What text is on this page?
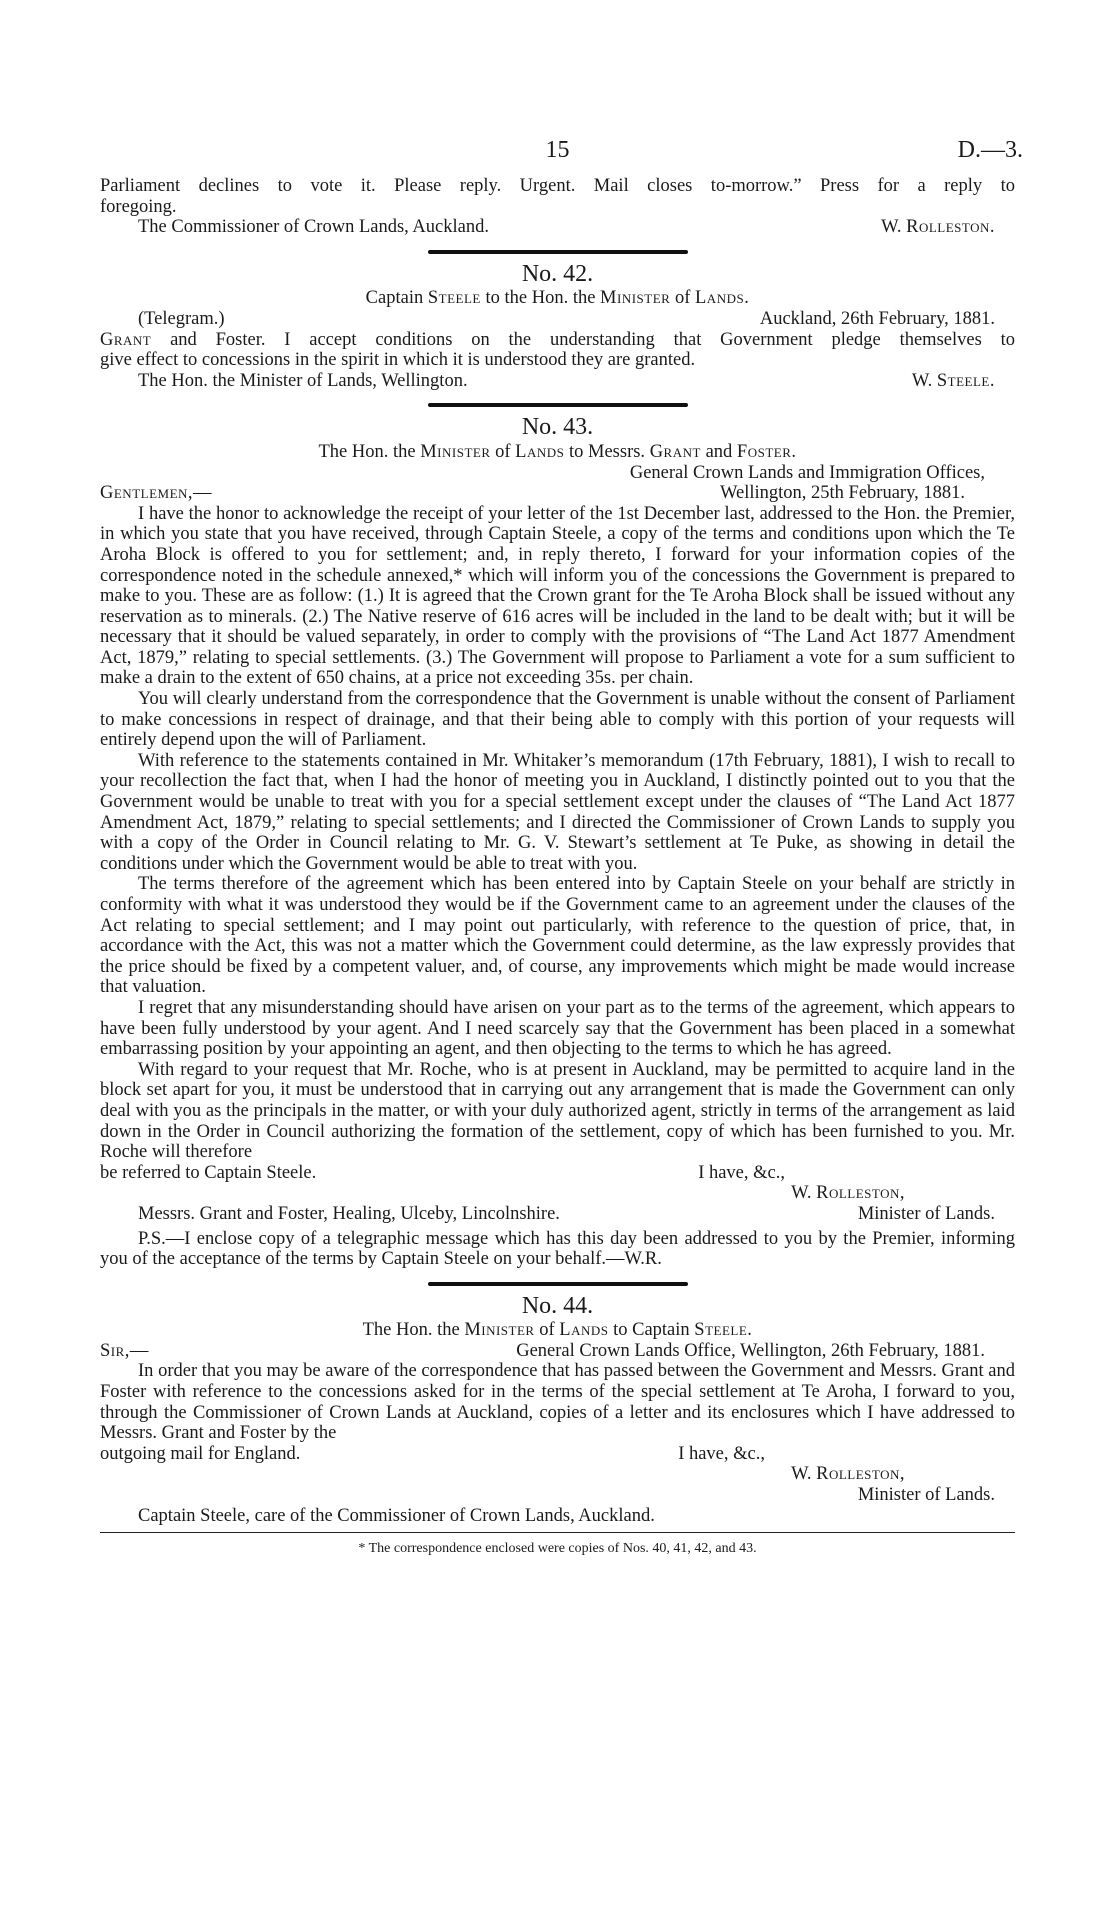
15	D.—3.

Parliament declines to vote it. Please reply. Urgent. Mail closes to-morrow.” Press for a reply to

foregoing.

The Commissioner of Crown Lands, Auckland.	W. Rolleston.
No. 42.
Captain Steele to the Hon. the Minister of Lands.
(Telegram.)	Auckland, 26th February, 1881.

Grant and Foster. I accept conditions on the understanding that Government pledge themselves to

give effect to concessions in the spirit in which it is understood they are granted.

The Hon. the Minister of Lands, Wellington.	W. Steele.
No. 43.
The Hon. the Minister of Lands to Messrs. Grant and Foster.
General Crown Lands and Immigration Offices,
Gentlemen,—	Wellington, 25th February, 1881.

I have the honor to acknowledge the receipt of your letter of the 1st December last, addressed to the Hon. the Premier, in which you state that you have received, through Captain Steele, a copy of the terms and conditions upon which the Te Aroha Block is offered to you for settlement; and, in reply thereto, I forward for your information copies of the correspondence noted in the schedule annexed,* which will inform you of the concessions the Government is prepared to make to you. These are as follow: (1.) It is agreed that the Crown grant for the Te Aroha Block shall be issued without any reservation as to minerals. (2.) The Native reserve of 616 acres will be included in the land to be dealt with; but it will be necessary that it should be valued separately, in order to comply with the provisions of “The Land Act 1877 Amendment Act, 1879,” relating to special settlements. (3.) The Government will propose to Parliament a vote for a sum sufficient to make a drain to the extent of 650 chains, at a price not exceeding 35s. per chain.

You will clearly understand from the correspondence that the Government is unable without the consent of Parliament to make concessions in respect of drainage, and that their being able to comply with this portion of your requests will entirely depend upon the will of Parliament.

With reference to the statements contained in Mr. Whitaker’s memorandum (17th February, 1881), I wish to recall to your recollection the fact that, when I had the honor of meeting you in Auckland, I distinctly pointed out to you that the Government would be unable to treat with you for a special settlement except under the clauses of “The Land Act 1877 Amendment Act, 1879,” relating to special settlements; and I directed the Commissioner of Crown Lands to supply you with a copy of the Order in Council relating to Mr. G. V. Stewart’s settlement at Te Puke, as showing in detail the conditions under which the Government would be able to treat with you.

The terms therefore of the agreement which has been entered into by Captain Steele on your behalf are strictly in conformity with what it was understood they would be if the Government came to an agreement under the clauses of the Act relating to special settlement; and I may point out particularly, with reference to the question of price, that, in accordance with the Act, this was not a matter which the Government could determine, as the law expressly provides that the price should be fixed by a competent valuer, and, of course, any improvements which might be made would increase that valuation.

I regret that any misunderstanding should have arisen on your part as to the terms of the agreement, which appears to have been fully understood by your agent. And I need scarcely say that the Government has been placed in a somewhat embarrassing position by your appointing an agent, and then objecting to the terms to which he has agreed.

With regard to your request that Mr. Roche, who is at present in Auckland, may be permitted to acquire land in the block set apart for you, it must be understood that in carrying out any arrangement that is made the Government can only deal with you as the principals in the matter, or with your duly authorized agent, strictly in terms of the arrangement as laid down in the Order in Council authorizing the formation of the settlement, copy of which has been furnished to you. Mr. Roche will therefore

be referred to Captain Steele.	I have, &c.,
W. Rolleston,
Messrs. Grant and Foster, Healing, Ulceby, Lincolnshire.	Minister of Lands.

P.S.—I enclose copy of a telegraphic message which has this day been addressed to you by the Premier, informing you of the acceptance of the terms by Captain Steele on your behalf.—W.R.

No. 44.
The Hon. the Minister of Lands to Captain Steele.
Sir,—	General Crown Lands Office, Wellington, 26th February, 1881.

In order that you may be aware of the correspondence that has passed between the Government and Messrs. Grant and Foster with reference to the concessions asked for in the terms of the special settlement at Te Aroha, I forward to you, through the Commissioner of Crown Lands at Auckland, copies of a letter and its enclosures which I have addressed to Messrs. Grant and Foster by the

outgoing mail for England.	I have, &c.,
W. Rolleston,
Minister of Lands.
Captain Steele, care of the Commissioner of Crown Lands, Auckland.
* The correspondence enclosed were copies of Nos. 40, 41, 42, and 43.
